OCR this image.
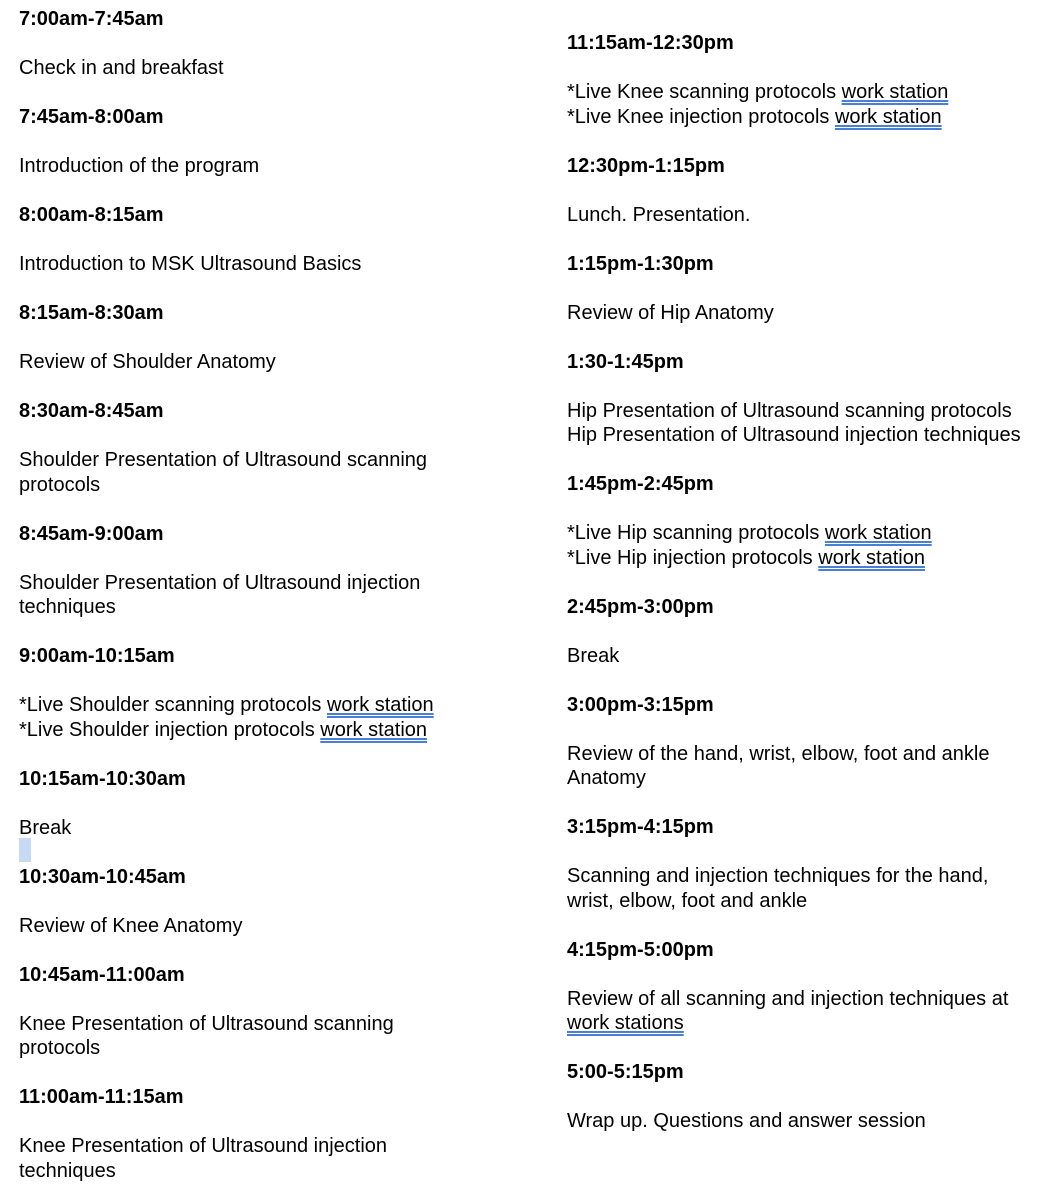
7:00am-7:45am
Check in and breakfast
7:45am-8:00am
Introduction of the program
8:00am-8:15am
Introduction to MSK Ultrasound Basics
8:15am-8:30am
Review of Shoulder Anatomy
8:30am-8:45am
Shoulder Presentation of Ultrasound scanning
protocols
8:45am-9:00am
Shoulder Presentation of Ultrasound injection
techniques
9:00am-10:15am
*Live Shoulder scanning protocols work station
*Live Shoulder injection protocols work station
10:15am-10:30am
Break
10:30am-10:45am
Review of Knee Anatomy
10:45am-11:00am
Knee Presentation of Ultrasound scanning
protocols
11:00am-11:15am
Knee Presentation of Ultrasound injection
techniques
11:15am-12:30pm
*Live Knee scanning protocols work station
*Live Knee injection protocols work station
12:30pm-1:15pm
Lunch. Presentation.
1:15pm-1:30pm
Review of Hip Anatomy
1:30-1:45pm
Hip Presentation of Ultrasound scanning protocols
Hip Presentation of Ultrasound injection techniques
1:45pm-2:45pm
*Live Hip scanning protocols work station
*Live Hip injection protocols work station
2:45pm-3:00pm
Break
3:00pm-3:15pm
Review of the hand, wrist, elbow, foot and ankle
Anatomy
3:15pm-4:15pm
Scanning and injection techniques for the hand,
wrist, elbow, foot and ankle
4:15pm-5:00pm
Review of all scanning and injection techniques at
work stations
5:00-5:15pm
Wrap up. Questions and answer session
